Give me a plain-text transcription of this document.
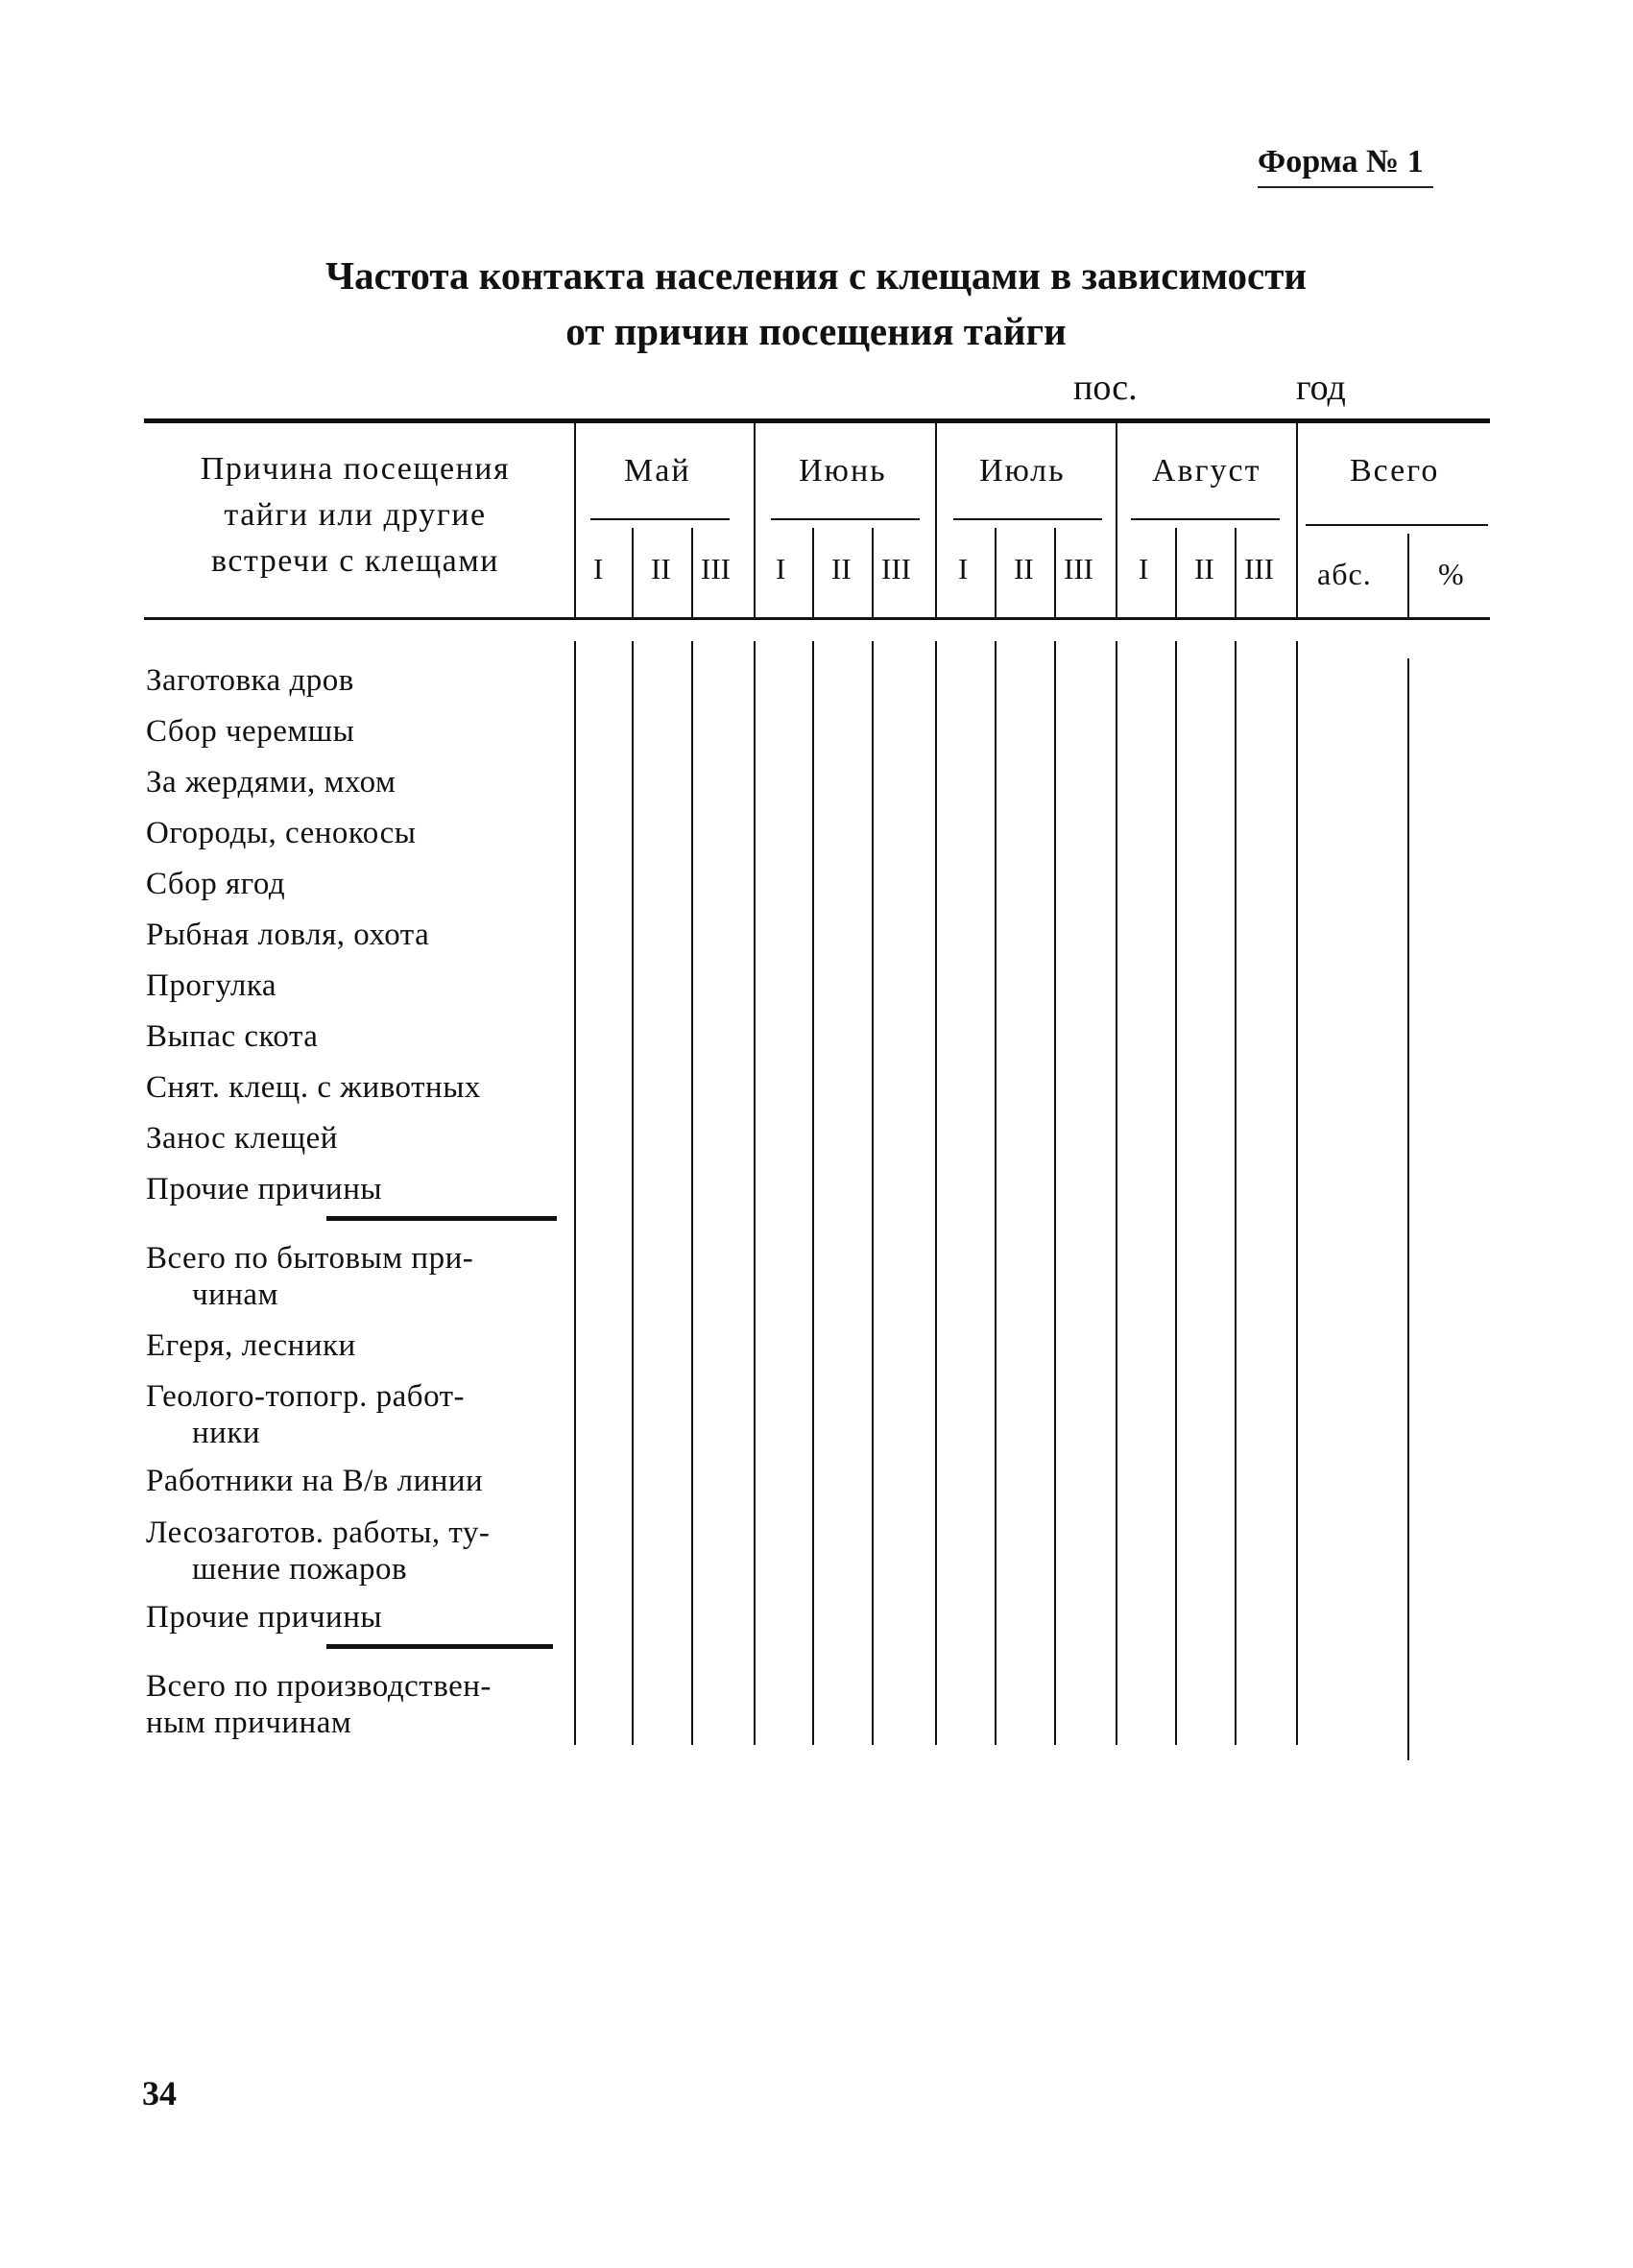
Форма № 1
Частота контакта населения с клещами в зависимости
от причин посещения тайги
пос.	год
Причина посещения
тайги или другие
встречи с клещами
Май	Июнь	Июль	Август	Всего
I II III I II III I II III I II III абс. %
Заготовка дров
Сбор черемшы
За жердями, мхом
Огороды, сенокосы
Сбор ягод
Рыбная ловля, охота
Прогулка
Выпас скота
Снят. клещ. с животных
Занос клещей
Прочие причины
Всего по бытовым при-
чинам
Егеря, лесники
Геолого-топогр. работ-
ники
Работники на В/в линии
Лесозаготов. работы, ту-
шение пожаров
Прочие причины
Всего по производствен-
ным причинам
34
